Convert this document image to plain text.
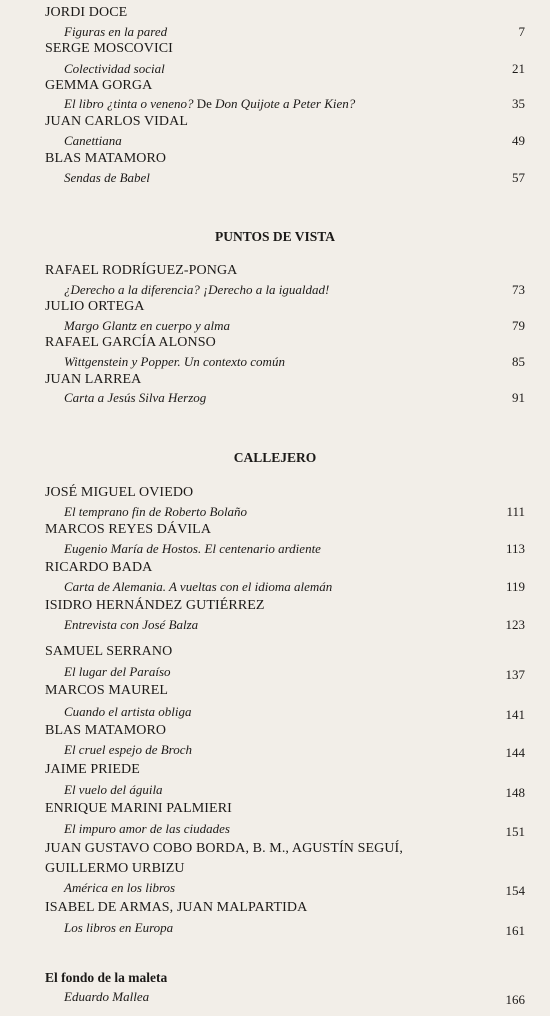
JORDI DOCE
Figuras en la pared	7
SERGE MOSCOVICI
Colectividad social	21
GEMMA GORGA
El libro ¿tinta o veneno? De Don Quijote a Peter Kien?	35
JUAN CARLOS VIDAL
Canettiana	49
BLAS MATAMORO
Sendas de Babel	57
PUNTOS DE VISTA
RAFAEL RODRÍGUEZ-PONGA
¿Derecho a la diferencia? ¡Derecho a la igualdad!	73
JULIO ORTEGA
Margo Glantz en cuerpo y alma	79
RAFAEL GARCÍA ALONSO
Wittgenstein y Popper. Un contexto común	85
JUAN LARREA
Carta a Jesús Silva Herzog	91
CALLEJERO
JOSÉ MIGUEL OVIEDO
El temprano fin de Roberto Bolaño	111
MARCOS REYES DÁVILA
Eugenio María de Hostos. El centenario ardiente	113
RICARDO BADA
Carta de Alemania. A vueltas con el idioma alemán	119
ISIDRO HERNÁNDEZ GUTIÉRREZ
Entrevista con José Balza	123
SAMUEL SERRANO
El lugar del Paraíso	137
MARCOS MAUREL
Cuando el artista obliga	141
BLAS MATAMORO
El cruel espejo de Broch	144
JAIME PRIEDE
El vuelo del águila	148
ENRIQUE MARINI PALMIERI
El impuro amor de las ciudades	151
JUAN GUSTAVO COBO BORDA, B. M., AGUSTÍN SEGUÍ,
GUILLERMO URBIZU
América en los libros	154
ISABEL DE ARMAS, JUAN MALPARTIDA
Los libros en Europa	161
El fondo de la maleta
Eduardo Mallea	166
